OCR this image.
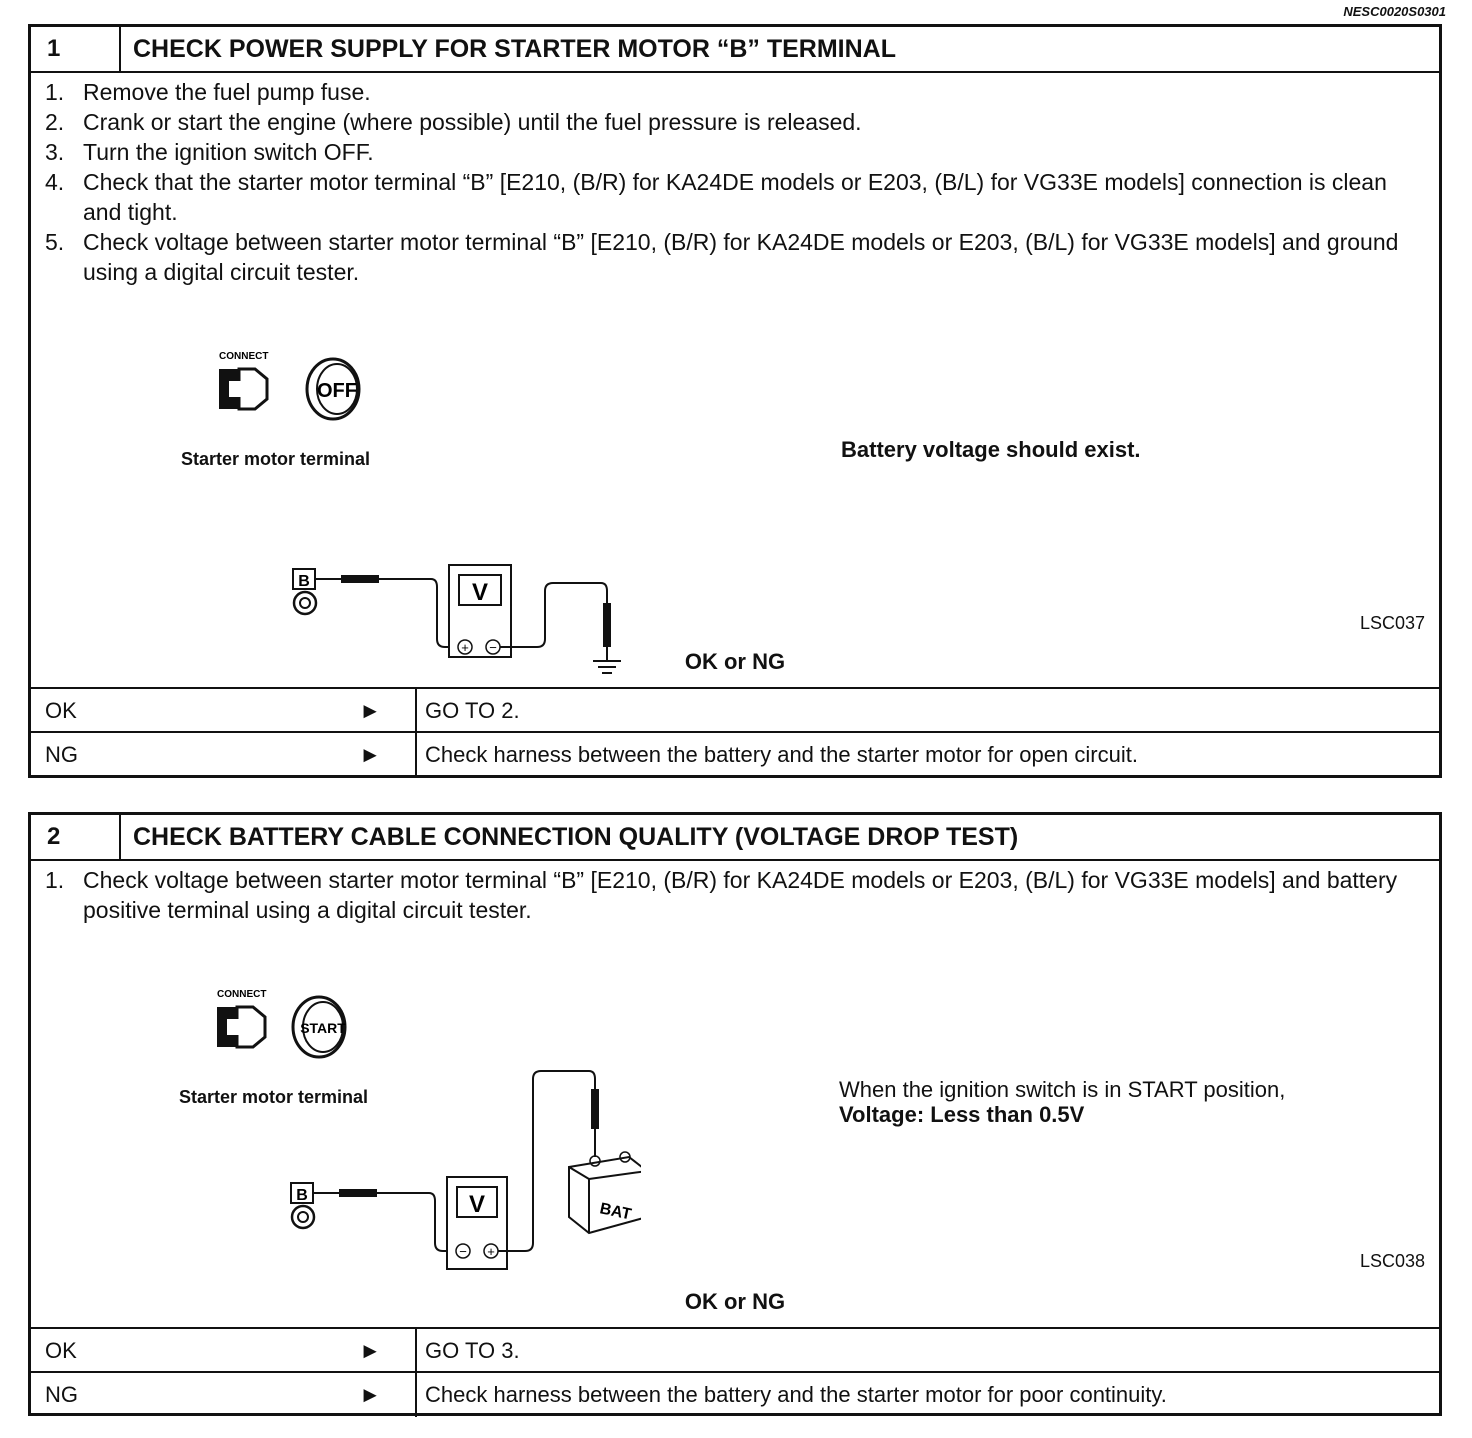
NESC0020S0301
1	CHECK POWER SUPPLY FOR STARTER MOTOR “B” TERMINAL
1. Remove the fuel pump fuse.
2. Crank or start the engine (where possible) until the fuel pressure is released.
3. Turn the ignition switch OFF.
4. Check that the starter motor terminal “B” [E210, (B/R) for KA24DE models or E203, (B/L) for VG33E models] connection is clean and tight.
5. Check voltage between starter motor terminal “B” [E210, (B/R) for KA24DE models or E203, (B/L) for VG33E models] and ground using a digital circuit tester.
CONNECT
OFF
B	V
+ −
Starter motor terminal	Battery voltage should exist.
LSC037
OK or NG
OK	►	GO TO 2.
NG	►	Check harness between the battery and the starter motor for open circuit.
2	CHECK BATTERY CABLE CONNECTION QUALITY (VOLTAGE DROP TEST)
1. Check voltage between starter motor terminal “B” [E210, (B/R) for KA24DE models or E203, (B/L) for VG33E models] and battery positive terminal using a digital circuit tester.
CONNECT
START
B	V
− +
BAT
Starter motor terminal	When the ignition switch is in START position,
Voltage: Less than 0.5V
LSC038
OK or NG
OK	►	GO TO 3.
NG	►	Check harness between the battery and the starter motor for poor continuity.
